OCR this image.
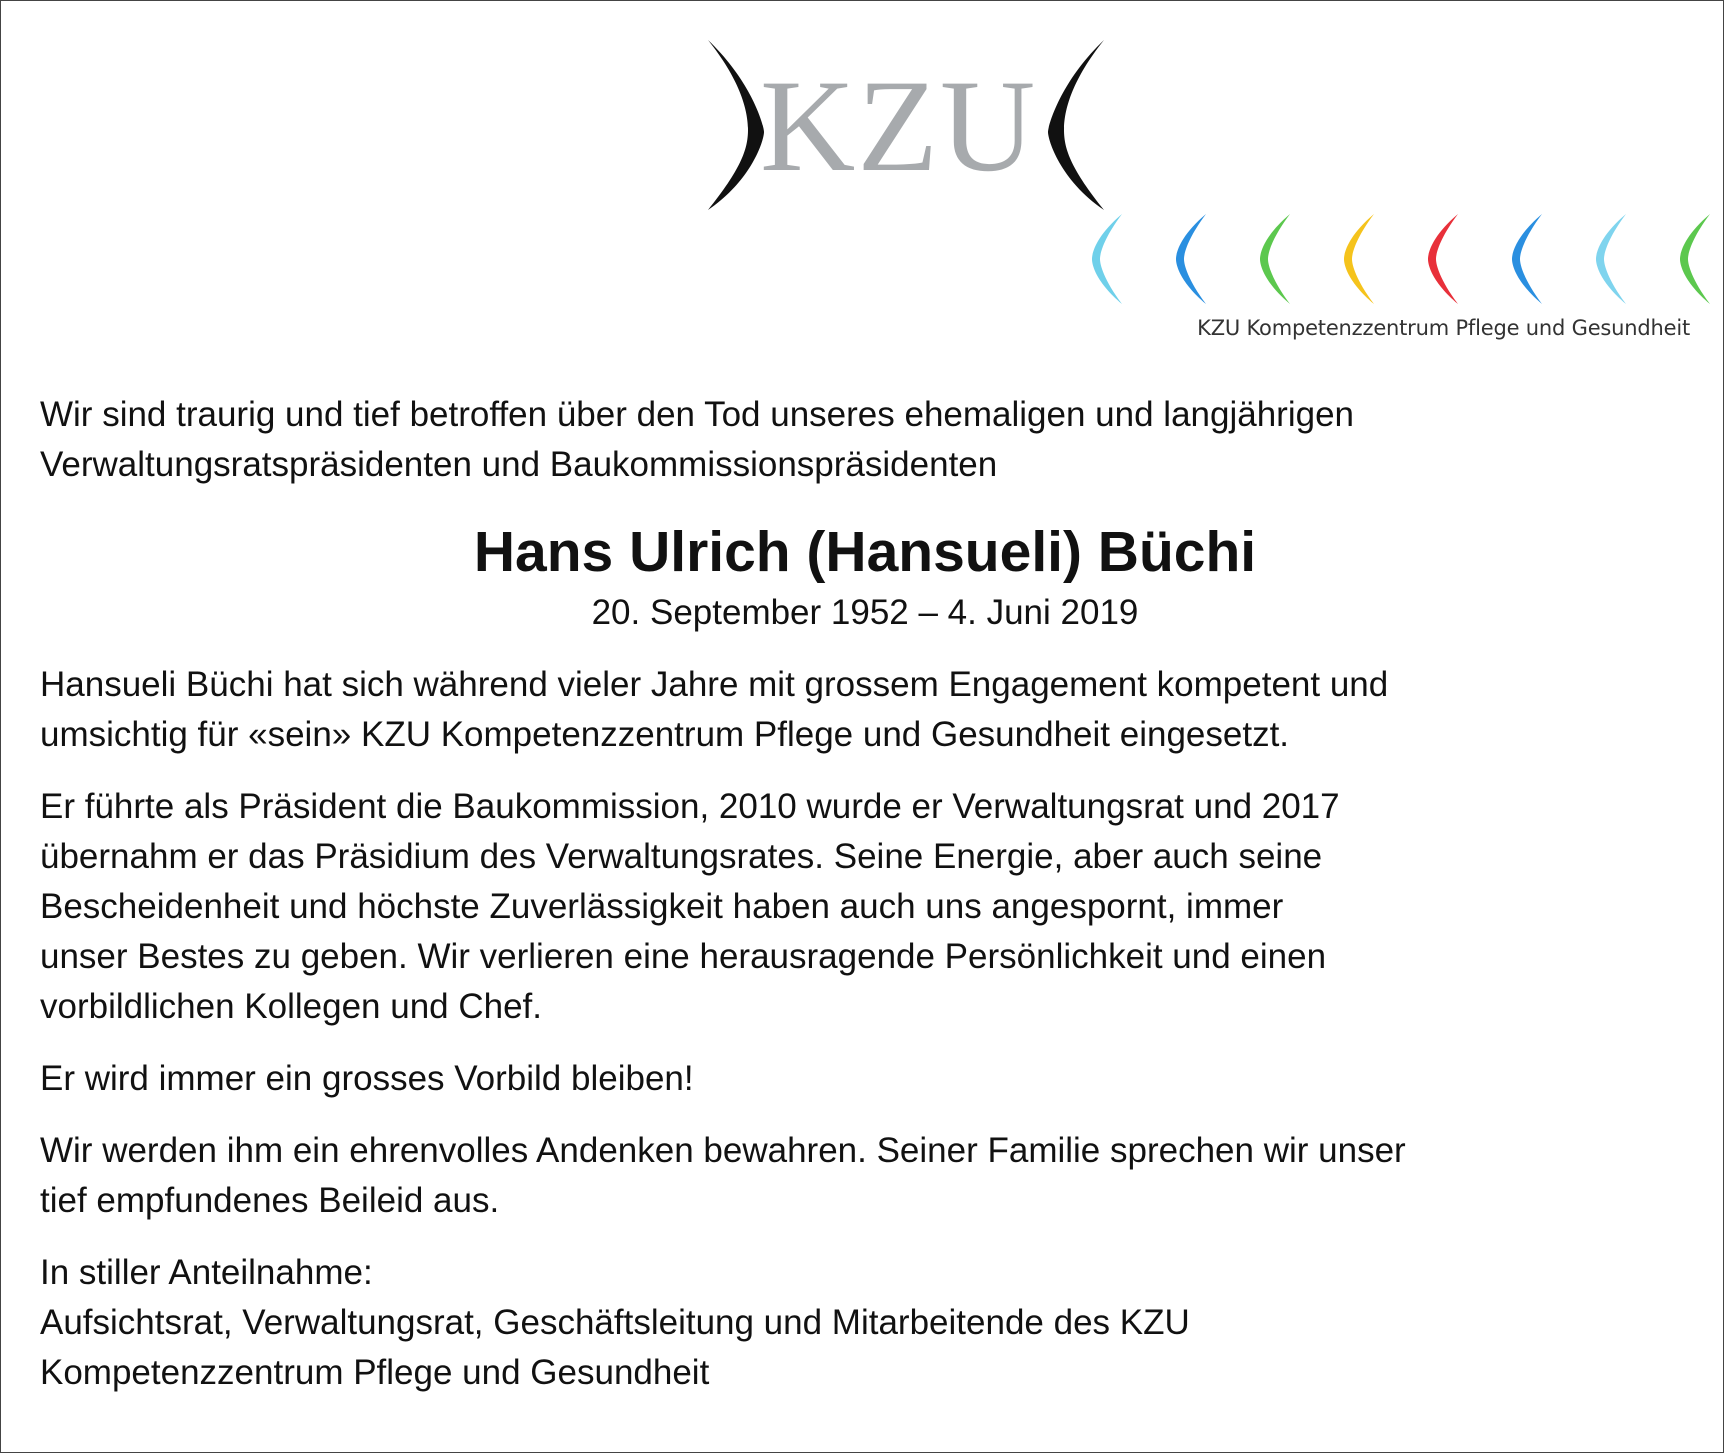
KZU
KZU Kompetenzzentrum Pflege und Gesundheit

Wir sind traurig und tief betroffen über den Tod unseres ehemaligen und langjährigen
Verwaltungsratspräsidenten und Baukommissionspräsidenten

Hans Ulrich (Hansueli) Büchi

20. September 1952 – 4. Juni 2019

Hansueli Büchi hat sich während vieler Jahre mit grossem Engagement kompetent und
umsichtig für «sein» KZU Kompetenzzentrum Pflege und Gesundheit eingesetzt.

Er führte als Präsident die Baukommission, 2010 wurde er Verwaltungsrat und 2017
übernahm er das Präsidium des Verwaltungsrates. Seine Energie, aber auch seine
Bescheidenheit und höchste Zuverlässigkeit haben auch uns angespornt, immer
unser Bestes zu geben. Wir verlieren eine herausragende Persönlichkeit und einen
vorbildlichen Kollegen und Chef.

Er wird immer ein grosses Vorbild bleiben!

Wir werden ihm ein ehrenvolles Andenken bewahren. Seiner Familie sprechen wir unser
tief empfundenes Beileid aus.

In stiller Anteilnahme:
Aufsichtsrat, Verwaltungsrat, Geschäftsleitung und Mitarbeitende des KZU
Kompetenzzentrum Pflege und Gesundheit
